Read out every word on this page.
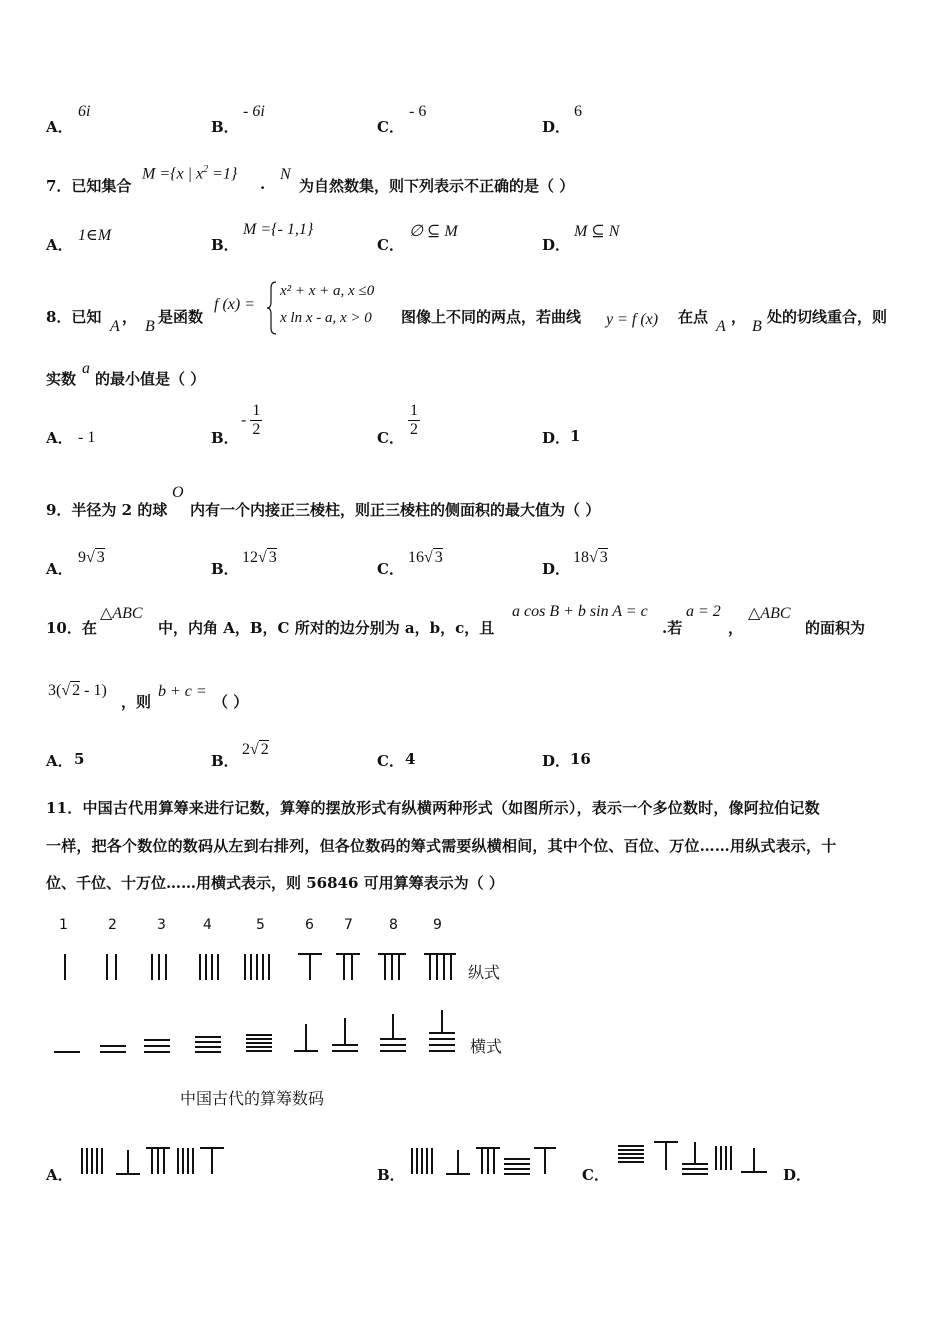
A．
6i
B．
- 6i
C．
- 6
D．
6
7．已知集合
M ={x | $x^2 =1$}
.
N
为自然数集，则下列表示不正确的是（ ）
A．
1∈M
B．
M ={- 1,1}
C．
∅ ⊆ M
D．
M ⊆ N
8．已知
A
，
B
是函数
f (x) =
x² + x + a, x ≤0
x ln x - a, x > 0 图像上不同的两点，若曲线 y = f (x) 在点
A
，
B
处的切线重合，则
实数
a
的最小值是（ ）
A． - 1	B．
- $\frac{1}{2}$	C． $\frac{1}{2}$	D． 1
9．半径为 2 的球
O
内有一个内接正三棱柱，则正三棱柱的侧面积的最大值为（ ）
A．
9√ 3
B．
12√ 3
C．
16√ 3
D．
18√ 3
10．在
△ABC
中，内角 A，B，C 所对的边分别为 a，b，c，且
a cos B + b sin A = c
.若
a = 2
，
△ABC
的面积为
3(√ 2 - 1)
，则
b + c =
（ ）
A． 5	B．
2√ 2
C． 4	D． 16
11．中国古代用算筹来进行记数，算筹的摆放形式有纵横两种形式（如图所示），表示一个多位数时，像阿拉伯记数
一样，把各个数位的数码从左到右排列，但各位数码的筹式需要纵横相间，其中个位、百位、万位……用纵式表示，十
位、千位、十万位……用横式表示，则 56846 可用算筹表示为（ ）
1	2	3	4	5	6 7	8	9
纵式
横式
中国古代的算筹数码
A．	B．	C．	D．
